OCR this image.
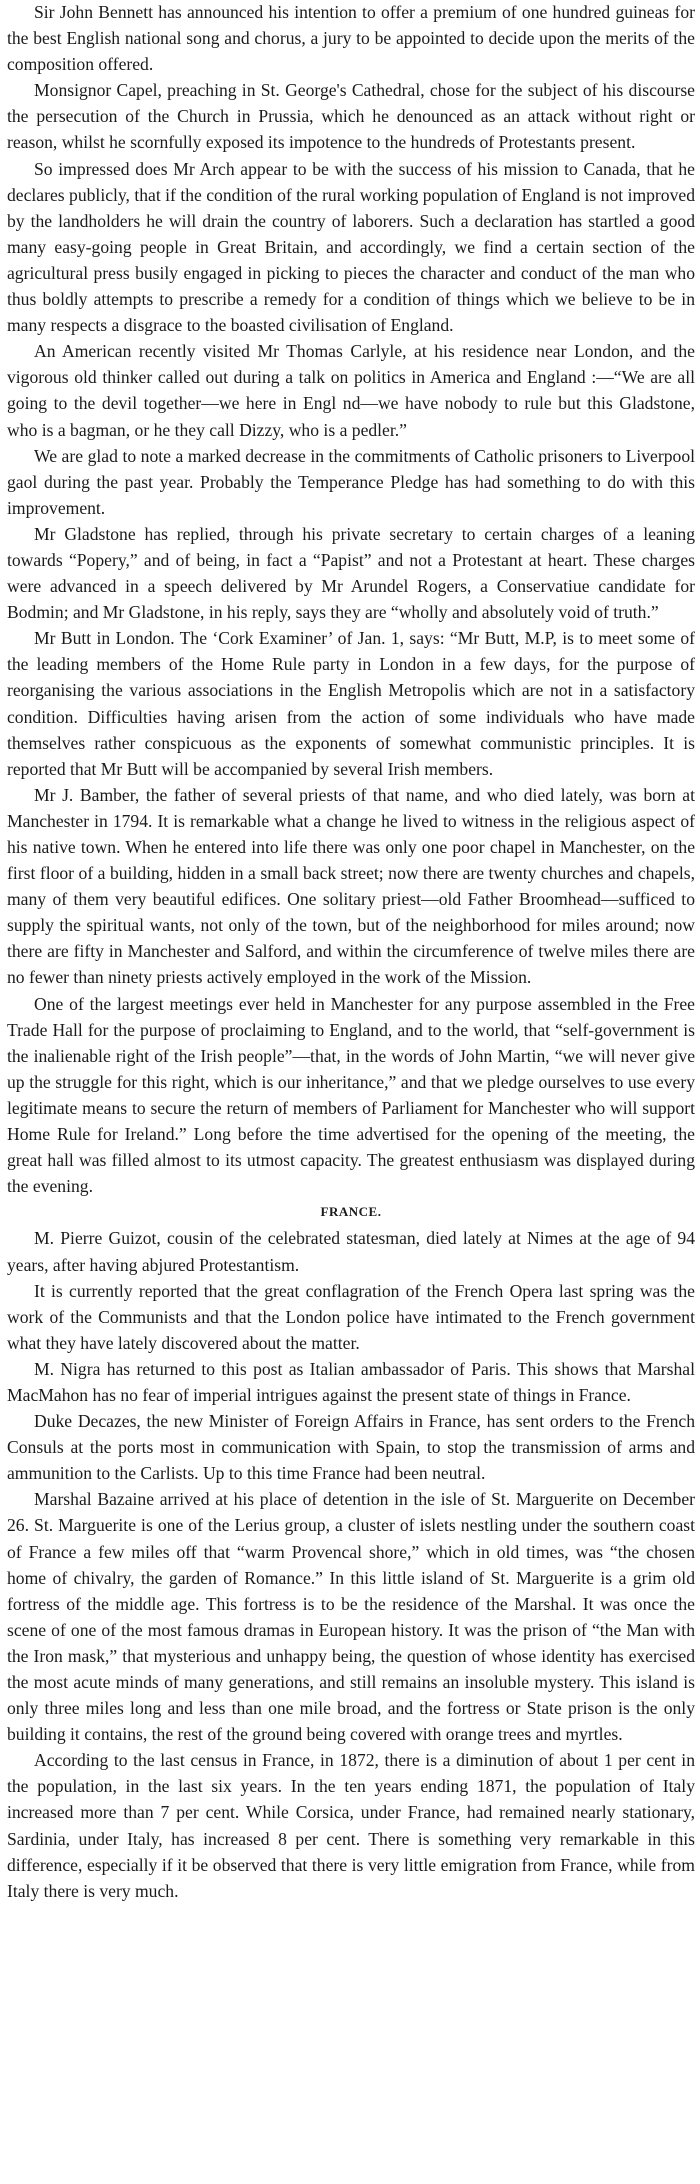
Sir John Bennett has announced his intention to offer a premium of one hundred guineas for the best English national song and chorus, a jury to be appointed to decide upon the merits of the composition offered.

Monsignor Capel, preaching in St. George's Cathedral, chose for the subject of his discourse the persecution of the Church in Prussia, which he denounced as an attack without right or reason, whilst he scornfully exposed its impotence to the hundreds of Protestants present.

So impressed does Mr Arch appear to be with the success of his mission to Canada, that he declares publicly, that if the condition of the rural working population of England is not improved by the landholders he will drain the country of laborers. Such a declaration has startled a good many easy-going people in Great Britain, and accordingly, we find a certain section of the agricultural press busily engaged in picking to pieces the character and conduct of the man who thus boldly attempts to prescribe a remedy for a condition of things which we believe to be in many respects a disgrace to the boasted civilisation of England.

An American recently visited Mr Thomas Carlyle, at his residence near London, and the vigorous old thinker called out during a talk on politics in America and England :—“We are all going to the devil together—we here in Engl nd—we have nobody to rule but this Gladstone, who is a bagman, or he they call Dizzy, who is a pedler.”

We are glad to note a marked decrease in the commitments of Catholic prisoners to Liverpool gaol during the past year. Probably the Temperance Pledge has had something to do with this improvement.

Mr Gladstone has replied, through his private secretary to certain charges of a leaning towards “Popery,” and of being, in fact a “Papist” and not a Protestant at heart. These charges were advanced in a speech delivered by Mr Arundel Rogers, a Conservatiue candidate for Bodmin; and Mr Gladstone, in his reply, says they are “wholly and absolutely void of truth.”

Mr Butt in London. The ‘Cork Examiner’ of Jan. 1, says: “Mr Butt, M.P, is to meet some of the leading members of the Home Rule party in London in a few days, for the purpose of reorganising the various associations in the English Metropolis which are not in a satisfactory condition. Difficulties having arisen from the action of some individuals who have made themselves rather conspicuous as the exponents of somewhat communistic principles. It is reported that Mr Butt will be accompanied by several Irish members.

Mr J. Bamber, the father of several priests of that name, and who died lately, was born at Manchester in 1794. It is remarkable what a change he lived to witness in the religious aspect of his native town. When he entered into life there was only one poor chapel in Manchester, on the first floor of a building, hidden in a small back street; now there are twenty churches and chapels, many of them very beautiful edifices. One solitary priest—old Father Broomhead—sufficed to supply the spiritual wants, not only of the town, but of the neighborhood for miles around; now there are fifty in Manchester and Salford, and within the circumference of twelve miles there are no fewer than ninety priests actively employed in the work of the Mission.

One of the largest meetings ever held in Manchester for any purpose assembled in the Free Trade Hall for the purpose of proclaiming to England, and to the world, that “self-government is the inalienable right of the Irish people”—that, in the words of John Martin, “we will never give up the struggle for this right, which is our inheritance,” and that we pledge ourselves to use every legitimate means to secure the return of members of Parliament for Manchester who will support Home Rule for Ireland.” Long before the time advertised for the opening of the meeting, the great hall was filled almost to its utmost capacity. The greatest enthusiasm was displayed during the evening.

FRANCE.

M. Pierre Guizot, cousin of the celebrated statesman, died lately at Nimes at the age of 94 years, after having abjured Protestantism.

It is currently reported that the great conflagration of the French Opera last spring was the work of the Communists and that the London police have intimated to the French government what they have lately discovered about the matter.

M. Nigra has returned to this post as Italian ambassador of Paris. This shows that Marshal MacMahon has no fear of imperial intrigues against the present state of things in France.

Duke Decazes, the new Minister of Foreign Affairs in France, has sent orders to the French Consuls at the ports most in communication with Spain, to stop the transmission of arms and ammunition to the Carlists. Up to this time France had been neutral.

Marshal Bazaine arrived at his place of detention in the isle of St. Marguerite on December 26. St. Marguerite is one of the Lerius group, a cluster of islets nestling under the southern coast of France a few miles off that “warm Provencal shore,” which in old times, was “the chosen home of chivalry, the garden of Romance.” In this little island of St. Marguerite is a grim old fortress of the middle age. This fortress is to be the residence of the Marshal. It was once the scene of one of the most famous dramas in European history. It was the prison of “the Man with the Iron mask,” that mysterious and unhappy being, the question of whose identity has exercised the most acute minds of many generations, and still remains an insoluble mystery. This island is only three miles long and less than one mile broad, and the fortress or State prison is the only building it contains, the rest of the ground being covered with orange trees and myrtles.

According to the last census in France, in 1872, there is a diminution of about 1 per cent in the population, in the last six years. In the ten years ending 1871, the population of Italy increased more than 7 per cent. While Corsica, under France, had remained nearly stationary, Sardinia, under Italy, has increased 8 per cent. There is something very remarkable in this difference, especially if it be observed that there is very little emigration from France, while from Italy there is very much.
